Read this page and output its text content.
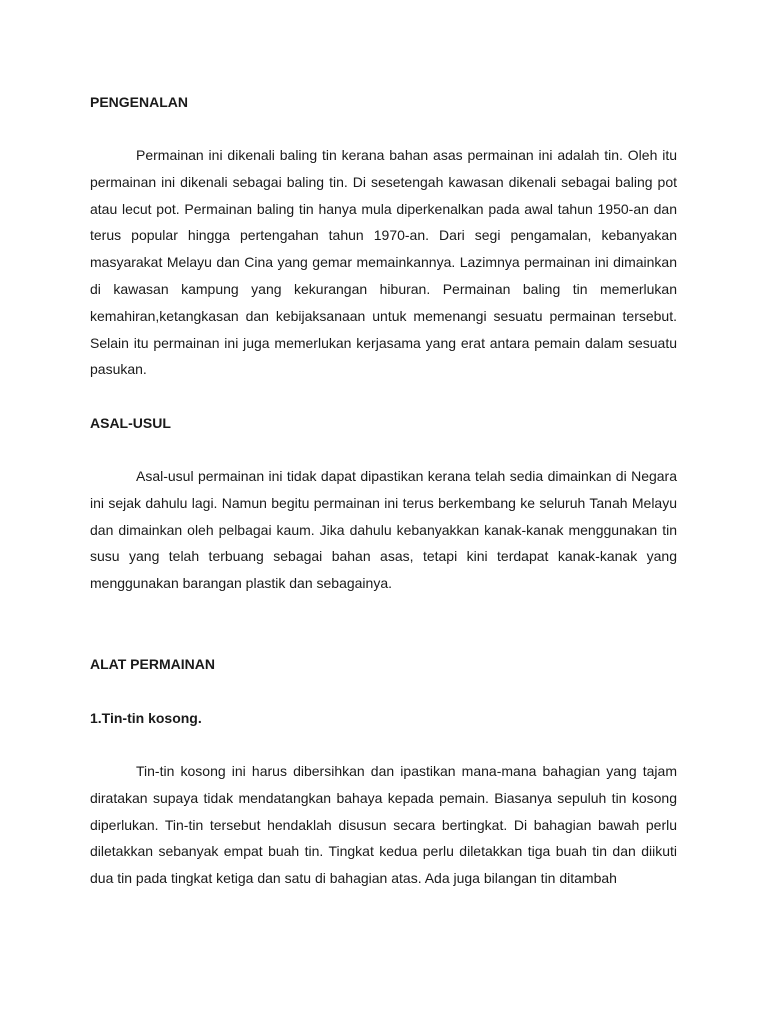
PENGENALAN

Permainan ini dikenali baling tin kerana bahan asas permainan ini adalah tin. Oleh itu permainan ini dikenali sebagai baling tin. Di sesetengah kawasan dikenali sebagai baling pot atau lecut pot. Permainan baling tin hanya mula diperkenalkan pada awal tahun 1950-an dan terus popular hingga pertengahan tahun 1970-an. Dari segi pengamalan, kebanyakan masyarakat Melayu dan Cina yang gemar memainkannya. Lazimnya permainan ini dimainkan di kawasan kampung yang kekurangan hiburan. Permainan baling tin memerlukan kemahiran,ketangkasan dan kebijaksanaan untuk memenangi sesuatu permainan tersebut. Selain itu permainan ini juga memerlukan kerjasama yang erat antara pemain dalam sesuatu pasukan.

ASAL-USUL

Asal-usul permainan ini tidak dapat dipastikan kerana telah sedia dimainkan di Negara ini sejak dahulu lagi. Namun begitu permainan ini terus berkembang ke seluruh Tanah Melayu dan dimainkan oleh pelbagai kaum. Jika dahulu kebanyakkan kanak-kanak menggunakan tin susu yang telah terbuang sebagai bahan asas, tetapi kini terdapat kanak-kanak yang menggunakan barangan plastik dan sebagainya.

ALAT PERMAINAN
1.Tin-tin kosong.

Tin-tin kosong ini harus dibersihkan dan ipastikan mana-mana bahagian yang tajam diratakan supaya tidak mendatangkan bahaya kepada pemain. Biasanya sepuluh tin kosong diperlukan. Tin-tin tersebut hendaklah disusun secara bertingkat. Di bahagian bawah perlu diletakkan sebanyak empat buah tin. Tingkat kedua perlu diletakkan tiga buah tin dan diikuti dua tin pada tingkat ketiga dan satu di bahagian atas. Ada juga bilangan tin ditambah
